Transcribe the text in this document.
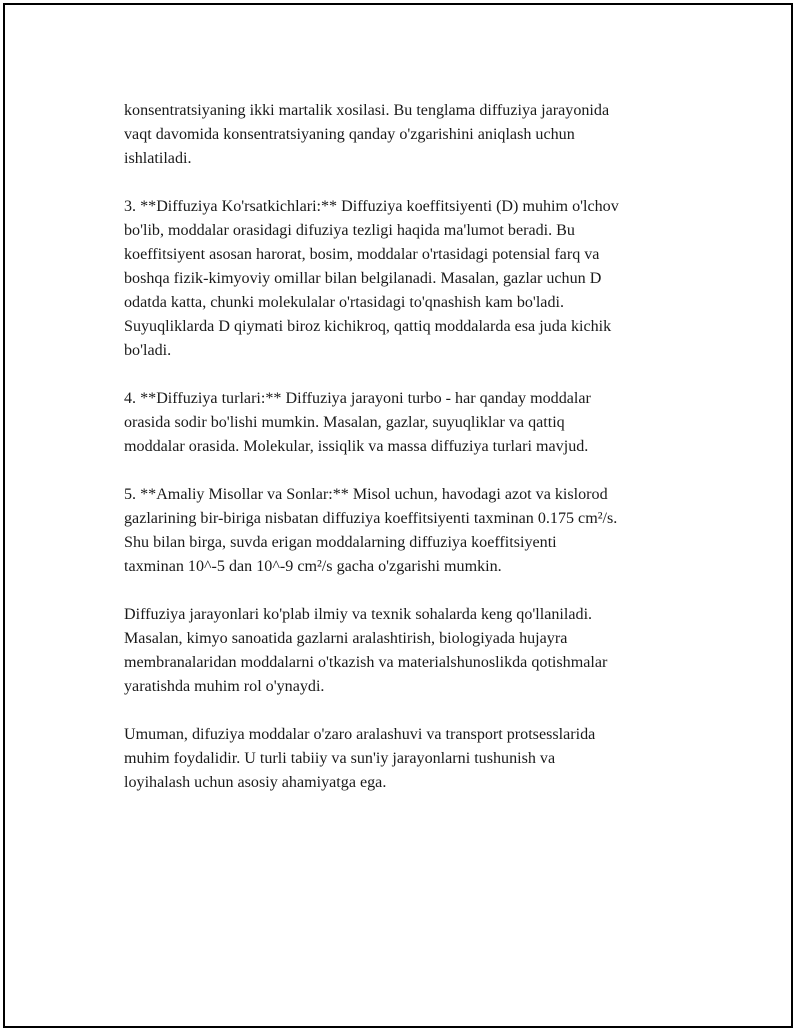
konsentratsiyaning ikki martalik xosilasi. Bu tenglama diffuziya jarayonida
vaqt davomida konsentratsiyaning qanday o'zgarishini aniqlash uchun
ishlatiladi.

3. **Diffuziya Ko'rsatkichlari:** Diffuziya koeffitsiyenti (D) muhim o'lchov
bo'lib, moddalar orasidagi difuziya tezligi haqida ma'lumot beradi. Bu
koeffitsiyent asosan harorat, bosim, moddalar o'rtasidagi potensial farq va
boshqa fizik-kimyoviy omillar bilan belgilanadi. Masalan, gazlar uchun D
odatda katta, chunki molekulalar o'rtasidagi to'qnashish kam bo'ladi.
Suyuqliklarda D qiymati biroz kichikroq, qattiq moddalarda esa juda kichik
bo'ladi.

4. **Diffuziya turlari:** Diffuziya jarayoni turbo - har qanday moddalar
orasida sodir bo'lishi mumkin. Masalan, gazlar, suyuqliklar va qattiq
moddalar orasida. Molekular, issiqlik va massa diffuziya turlari mavjud.

5. **Amaliy Misollar va Sonlar:** Misol uchun, havodagi azot va kislorod
gazlarining bir-biriga nisbatan diffuziya koeffitsiyenti taxminan 0.175 cm²/s.
Shu bilan birga, suvda erigan moddalarning diffuziya koeffitsiyenti
taxminan 10^-5 dan 10^-9 cm²/s gacha o'zgarishi mumkin.

Diffuziya jarayonlari ko'plab ilmiy va texnik sohalarda keng qo'llaniladi.
Masalan, kimyo sanoatida gazlarni aralashtirish, biologiyada hujayra
membranalaridan moddalarni o'tkazish va materialshunoslikda qotishmalar
yaratishda muhim rol o'ynaydi.

Umuman, difuziya moddalar o'zaro aralashuvi va transport protsesslarida
muhim foydalidir. U turli tabiiy va sun'iy jarayonlarni tushunish va
loyihalash uchun asosiy ahamiyatga ega.
